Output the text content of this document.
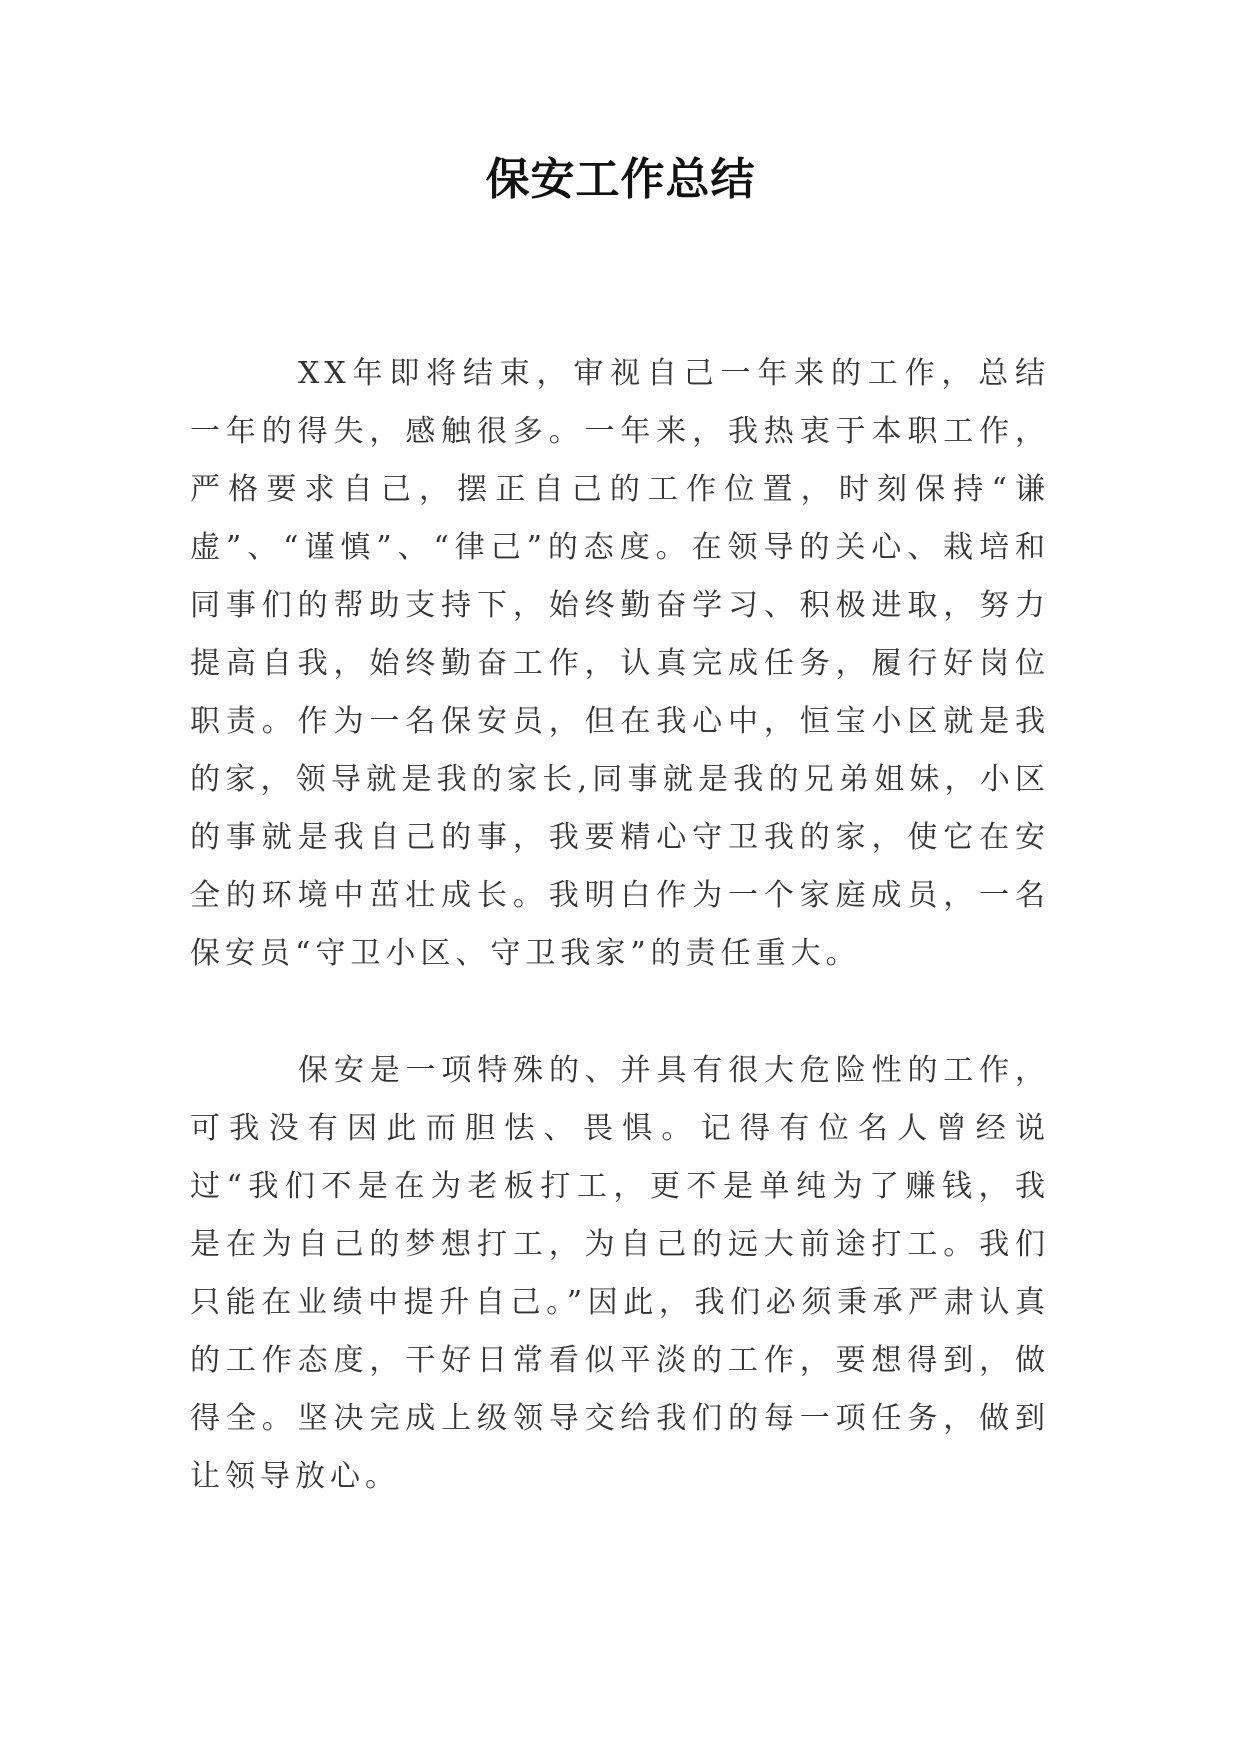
保安工作总结

XX年即将结束，审视自己一年来的工作，总结一年的得失，感触很多。一年来，我热衷于本职工作，严格要求自己，摆正自己的工作位置，时刻保持“谦虚”、“谨慎”、“律己”的态度。在领导的关心、栽培和同事们的帮助支持下，始终勤奋学习、积极进取，努力提高自我，始终勤奋工作，认真完成任务，履行好岗位职责。作为一名保安员，但在我心中，恒宝小区就是我的家，领导就是我的家长,同事就是我的兄弟姐妹，小区的事就是我自己的事，我要精心守卫我的家，使它在安全的环境中茁壮成长。我明白作为一个家庭成员，一名保安员“守卫小区、守卫我家”的责任重大。

保安是一项特殊的、并具有很大危险性的工作，可我没有因此而胆怯、畏惧。记得有位名人曾经说过“我们不是在为老板打工，更不是单纯为了赚钱，我是在为自己的梦想打工，为自己的远大前途打工。我们只能在业绩中提升自己。”因此，我们必须秉承严肃认真的工作态度，干好日常看似平淡的工作，要想得到，做得全。坚决完成上级领导交给我们的每一项任务，做到让领导放心。
